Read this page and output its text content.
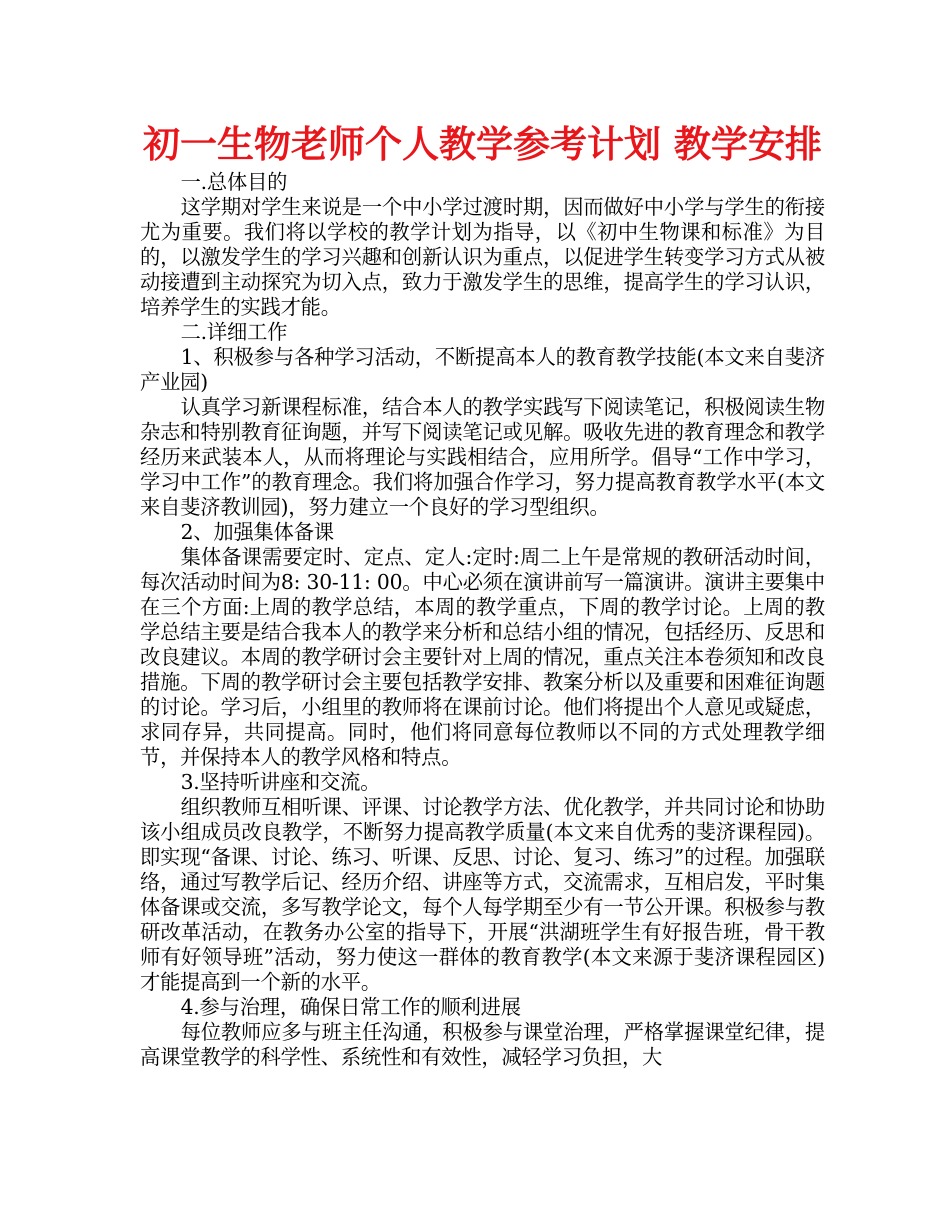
初一生物老师个人教学参考计划 教学安排

一.总体目的

这学期对学生来说是一个中小学过渡时期，因而做好中小学与学生的衔接尤为重要。我们将以学校的教学计划为指导，以《初中生物课和标准》为目的，以激发学生的学习兴趣和创新认识为重点，以促进学生转变学习方式从被动接遭到主动探究为切入点，致力于激发学生的思维，提高学生的学习认识，培养学生的实践才能。

二.详细工作

1、积极参与各种学习活动，不断提高本人的教育教学技能(本文来自斐济产业园)

认真学习新课程标准，结合本人的教学实践写下阅读笔记，积极阅读生物杂志和特别教育征询题，并写下阅读笔记或见解。吸收先进的教育理念和教学经历来武装本人，从而将理论与实践相结合，应用所学。倡导“工作中学习，学习中工作”的教育理念。我们将加强合作学习，努力提高教育教学水平(本文来自斐济教训园)，努力建立一个良好的学习型组织。

2、加强集体备课

集体备课需要定时、定点、定人:定时:周二上午是常规的教研活动时间，每次活动时间为8: 30-11: 00。中心必须在演讲前写一篇演讲。演讲主要集中在三个方面:上周的教学总结，本周的教学重点，下周的教学讨论。上周的教学总结主要是结合我本人的教学来分析和总结小组的情况，包括经历、反思和改良建议。本周的教学研讨会主要针对上周的情况，重点关注本卷须知和改良措施。下周的教学研讨会主要包括教学安排、教案分析以及重要和困难征询题的讨论。学习后，小组里的教师将在课前讨论。他们将提出个人意见或疑虑，求同存异，共同提高。同时，他们将同意每位教师以不同的方式处理教学细节，并保持本人的教学风格和特点。

3.坚持听讲座和交流。

组织教师互相听课、评课、讨论教学方法、优化教学，并共同讨论和协助该小组成员改良教学，不断努力提高教学质量(本文来自优秀的斐济课程园)。即实现“备课、讨论、练习、听课、反思、讨论、复习、练习”的过程。加强联络，通过写教学后记、经历介绍、讲座等方式，交流需求，互相启发，平时集体备课或交流，多写教学论文，每个人每学期至少有一节公开课。积极参与教研改革活动，在教务办公室的指导下，开展“洪湖班学生有好报告班，骨干教师有好领导班”活动，努力使这一群体的教育教学(本文来源于斐济课程园区)才能提高到一个新的水平。

4.参与治理，确保日常工作的顺利进展

每位教师应多与班主任沟通，积极参与课堂治理，严格掌握课堂纪律，提高课堂教学的科学性、系统性和有效性，减轻学习负担，大
